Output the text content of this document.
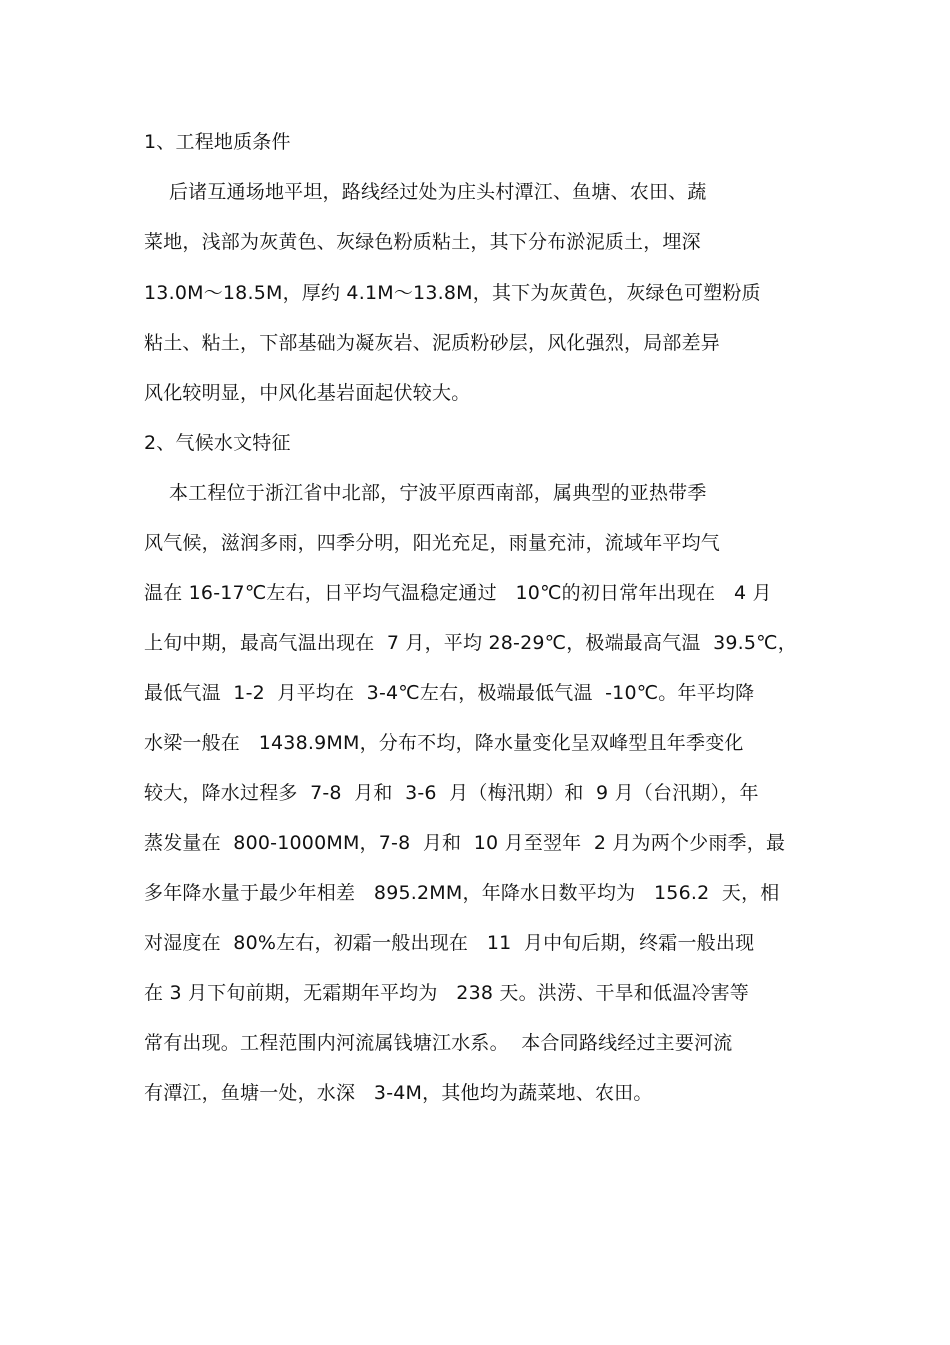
1、工程地质条件
后诸互通场地平坦，路线经过处为庄头村潭江、鱼塘、农田、蔬
菜地，浅部为灰黄色、灰绿色粉质粘土，其下分布淤泥质土，埋深
13.0M～18.5M，厚约 4.1M～13.8M，其下为灰黄色，灰绿色可塑粉质
粘土、粘土，下部基础为凝灰岩、泥质粉砂层，风化强烈，局部差异
风化较明显，中风化基岩面起伏较大。
2、气候水文特征
本工程位于浙江省中北部，宁波平原西南部，属典型的亚热带季
风气候，滋润多雨，四季分明，阳光充足，雨量充沛，流域年平均气
温在 16-17℃左右，日平均气温稳定通过   10℃的初日常年出现在   4 月
上旬中期，最高气温出现在  7 月，平均 28-29℃，极端最高气温  39.5℃，
最低气温  1-2  月平均在  3-4℃左右，极端最低气温  -10℃。年平均降
水梁一般在   1438.9MM，分布不均，降水量变化呈双峰型且年季变化
较大，降水过程多  7-8  月和  3-6  月（梅汛期）和  9 月（台汛期），年
蒸发量在  800-1000MM，7-8  月和  10 月至翌年  2 月为两个少雨季，最
多年降水量于最少年相差   895.2MM，年降水日数平均为   156.2  天，相
对湿度在  80%左右，初霜一般出现在   11  月中旬后期，终霜一般出现
在 3 月下旬前期，无霜期年平均为   238 天。洪涝、干旱和低温冷害等
常有出现。工程范围内河流属钱塘江水系。  本合同路线经过主要河流
有潭江，鱼塘一处，水深   3-4M，其他均为蔬菜地、农田。
